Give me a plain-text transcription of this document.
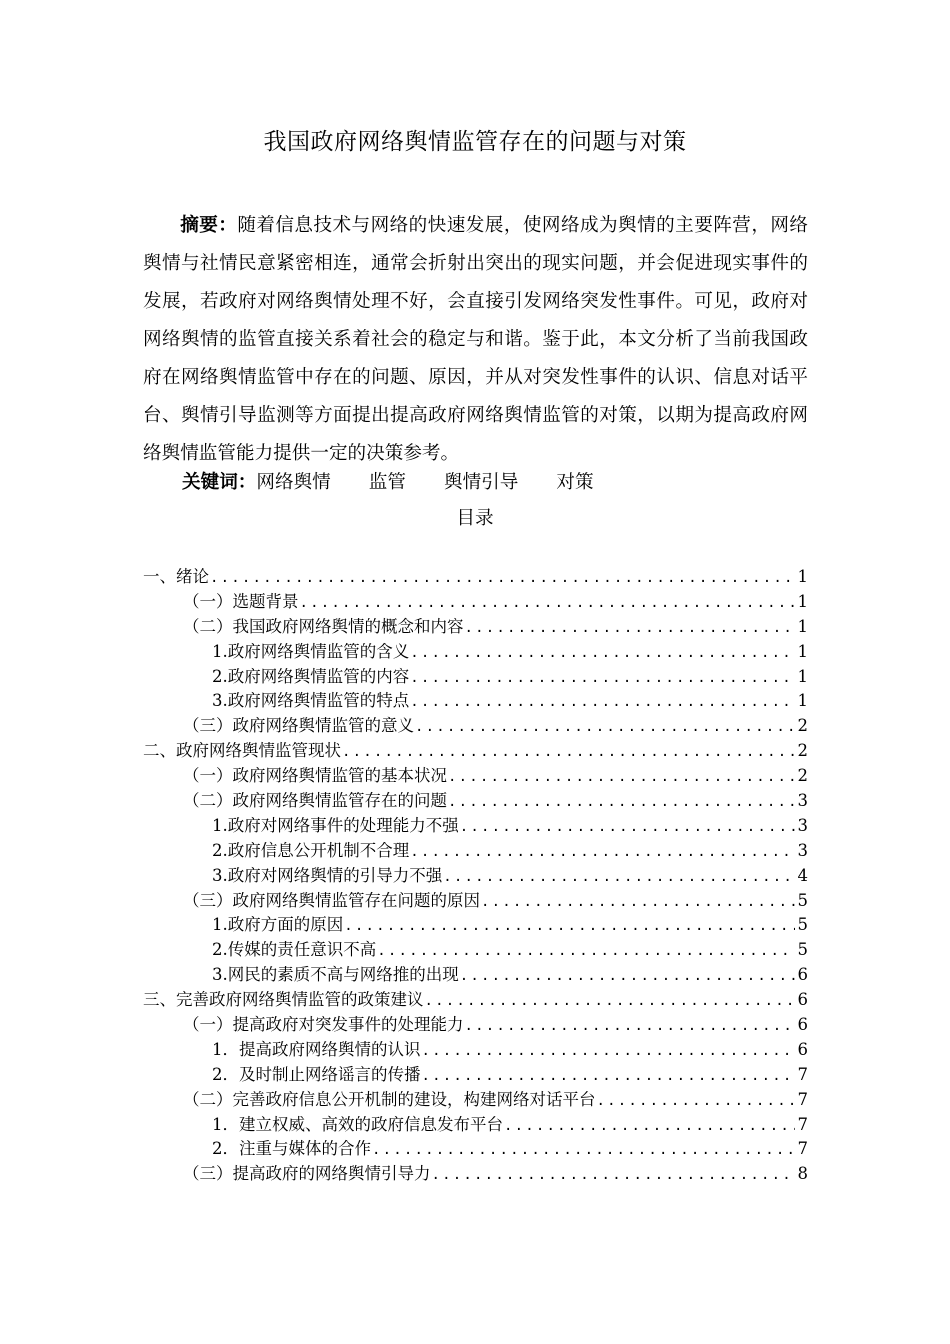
我国政府网络舆情监管存在的问题与对策

摘要：随着信息技术与网络的快速发展，使网络成为舆情的主要阵营，网络舆情与社情民意紧密相连，通常会折射出突出的现实问题，并会促进现实事件的发展，若政府对网络舆情处理不好，会直接引发网络突发性事件。可见，政府对网络舆情的监管直接关系着社会的稳定与和谐。鉴于此，本文分析了当前我国政府在网络舆情监管中存在的问题、原因，并从对突发性事件的认识、信息对话平台、舆情引导监测等方面提出提高政府网络舆情监管的对策，以期为提高政府网络舆情监管能力提供一定的决策参考。

关键词：网络舆情 监管 舆情引导 对策
目录
一、绪论 .....	1
（一）选题背景 .....	1
（二）我国政府网络舆情的概念和内容 .....	1
1.政府网络舆情监管的含义 .....	1
2.政府网络舆情监管的内容 .....	1
3.政府网络舆情监管的特点 .....	1
（三）政府网络舆情监管的意义 .....	2
二、政府网络舆情监管现状 .....	2
（一）政府网络舆情监管的基本状况 .....	2
（二）政府网络舆情监管存在的问题 .....	3
1.政府对网络事件的处理能力不强 .....	3
2.政府信息公开机制不合理 .....	3
3.政府对网络舆情的引导力不强 .....	4
（三）政府网络舆情监管存在问题的原因 .....	5
1.政府方面的原因 .....	5
2.传媒的责任意识不高 .....	5
3.网民的素质不高与网络推的出现 .....	6
三、完善政府网络舆情监管的政策建议 .....	6
（一）提高政府对突发事件的处理能力 .....	6
1．提高政府网络舆情的认识 .....	6
2．及时制止网络谣言的传播 .....	7
（二）完善政府信息公开机制的建设，构建网络对话平台 .....	7
1．建立权威、高效的政府信息发布平台 .....	7
2．注重与媒体的合作 .....	7
（三）提高政府的网络舆情引导力 .....	8
